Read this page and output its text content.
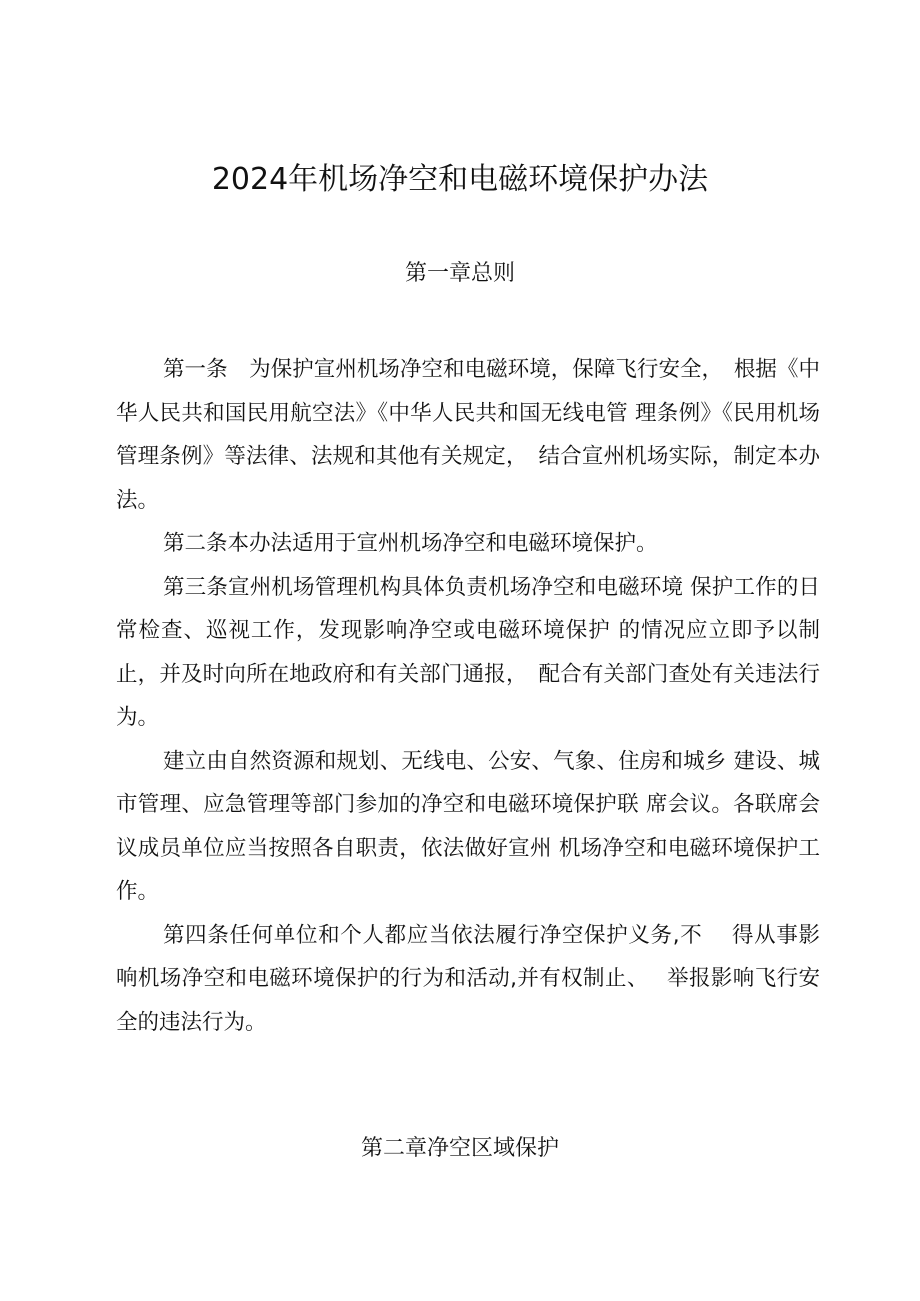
2024年机场净空和电磁环境保护办法
第一章总则

第一条　为保护宣州机场净空和电磁环境，保障飞行安全，　根据《中华人民共和国民用航空法》《中华人民共和国无线电管 理条例》《民用机场管理条例》等法律、法规和其他有关规定，　结合宣州机场实际，制定本办法。

第二条本办法适用于宣州机场净空和电磁环境保护。

第三条宣州机场管理机构具体负责机场净空和电磁环境 保护工作的日常检查、巡视工作，发现影响净空或电磁环境保护 的情况应立即予以制止，并及时向所在地政府和有关部门通报，　配合有关部门查处有关违法行为。

建立由自然资源和规划、无线电、公安、气象、住房和城乡 建设、城市管理、应急管理等部门参加的净空和电磁环境保护联 席会议。各联席会议成员单位应当按照各自职责，依法做好宣州 机场净空和电磁环境保护工作。

第四条任何单位和个人都应当依法履行净空保护义务,不　 得从事影响机场净空和电磁环境保护的行为和活动,并有权制止、　 举报影响飞行安全的违法行为。

第二章净空区域保护
